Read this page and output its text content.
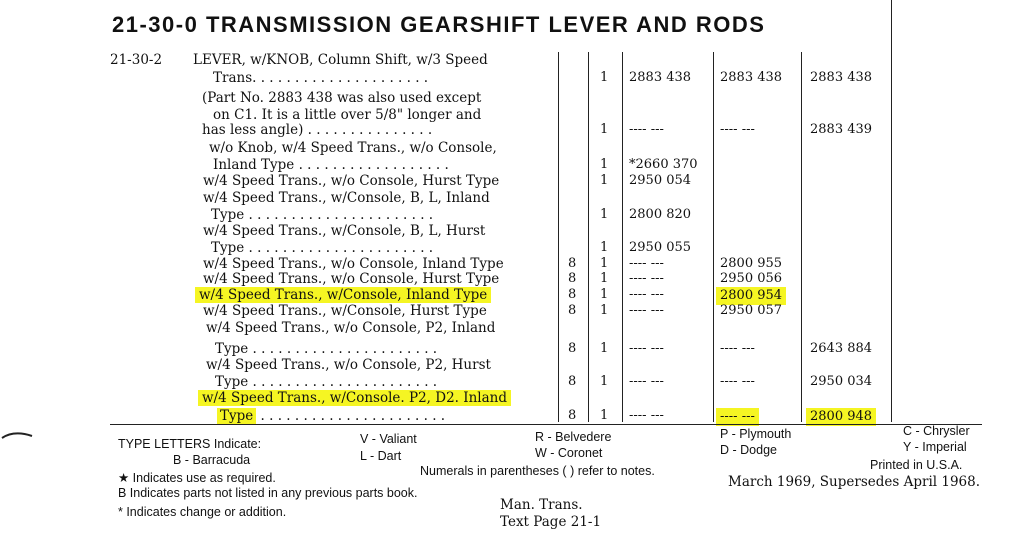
21-30-0 TRANSMISSION GEARSHIFT LEVER AND RODS
21-30-2 LEVER, w/KNOB, Column Shift, w/3 Speed
Trans. . . . . . . . . . . . . . . . . . . . .	1 2883 438 2883 438 2883 438
(Part No. 2883 438 was also used except
on C1. It is a little over 5/8" longer and
has less angle) . . . . . . . . . . . . . . .	1 ---- ---	---- ---	2883 439
w/o Knob, w/4 Speed Trans., w/o Console,
Inland Type . . . . . . . . . . . . . . . . . .	1 *2660 370
w/4 Speed Trans., w/o Console, Hurst Type	1 2950 054
w/4 Speed Trans., w/Console, B, L, Inland
Type . . . . . . . . . . . . . . . . . . . . . .	1 2800 820
w/4 Speed Trans., w/Console, B, L, Hurst
Type . . . . . . . . . . . . . . . . . . . . . .	1 2950 055
w/4 Speed Trans., w/o Console, Inland Type	8 1 ---- ---	2800 955
w/4 Speed Trans., w/o Console, Hurst Type	8 1 ---- ---	2950 056
w/4 Speed Trans., w/Console, Inland Type	8 1 ---- ---	2800 954
w/4 Speed Trans., w/Console, Hurst Type	8 1 ---- ---	2950 057
w/4 Speed Trans., w/o Console, P2, Inland
Type . . . . . . . . . . . . . . . . . . . . . .	8 1 ---- ---	---- ---	2643 884
w/4 Speed Trans., w/o Console, P2, Hurst
Type . . . . . . . . . . . . . . . . . . . . . .	8 1 ---- ---	---- ---	2950 034
w/4 Speed Trans., w/Console. P2, D2. Inland
Type . . . . . . . . . . . . . . . . . . . . . .	8 1 ---- ---	---- ---	2800 948
TYPE LETTERS Indicate:
B - Barracuda
V - Valiant
L - Dart
R - Belvedere
W - Coronet
P - Plymouth
D - Dodge
C - Chrysler
Y - Imperial
★ Indicates use as required.	Numerals in parentheses ( ) refer to notes.
B Indicates parts not listed in any previous parts book.
* Indicates change or addition.
Printed in U.S.A.
March 1969, Supersedes April 1968.
Man. Trans.
Text Page 21-1
